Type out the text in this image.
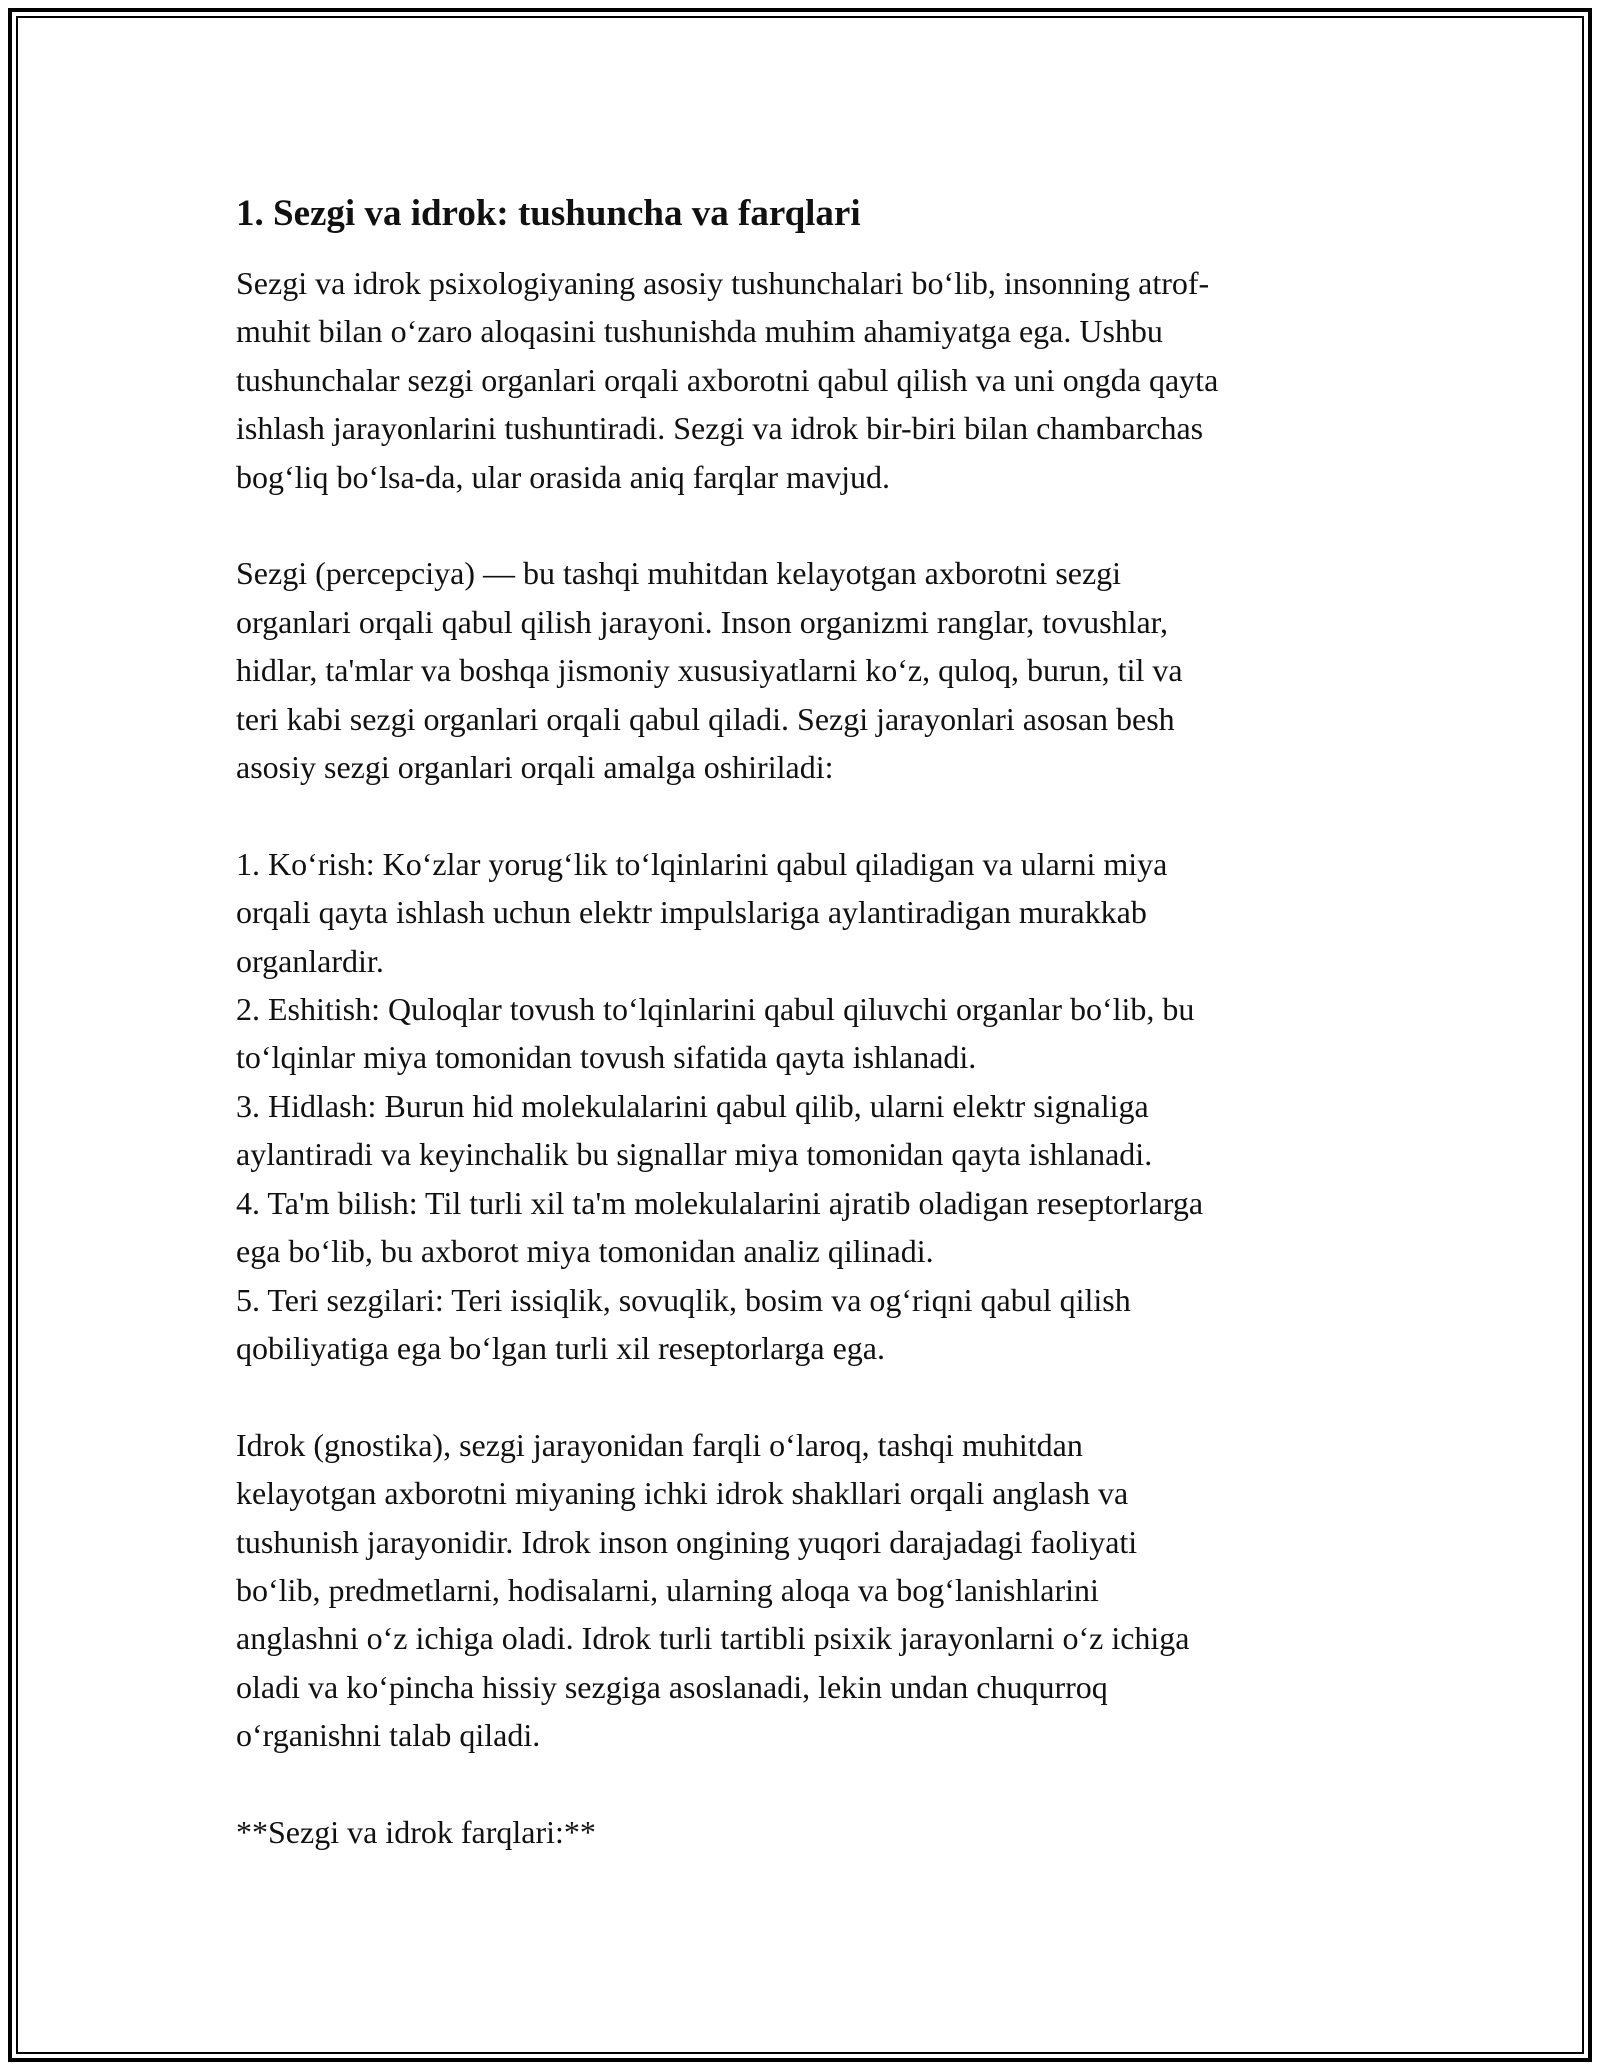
1. Sezgi va idrok: tushuncha va farqlari

Sezgi va idrok psixologiyaning asosiy tushunchalari bo‘lib, insonning atrof-
muhit bilan o‘zaro aloqasini tushunishda muhim ahamiyatga ega. Ushbu
tushunchalar sezgi organlari orqali axborotni qabul qilish va uni ongda qayta
ishlash jarayonlarini tushuntiradi. Sezgi va idrok bir-biri bilan chambarchas
bog‘liq bo‘lsa-da, ular orasida aniq farqlar mavjud.

Sezgi (percepciya) — bu tashqi muhitdan kelayotgan axborotni sezgi
organlari orqali qabul qilish jarayoni. Inson organizmi ranglar, tovushlar,
hidlar, ta'mlar va boshqa jismoniy xususiyatlarni ko‘z, quloq, burun, til va
teri kabi sezgi organlari orqali qabul qiladi. Sezgi jarayonlari asosan besh
asosiy sezgi organlari orqali amalga oshiriladi:

1. Ko‘rish: Ko‘zlar yorug‘lik to‘lqinlarini qabul qiladigan va ularni miya
orqali qayta ishlash uchun elektr impulslariga aylantiradigan murakkab
organlardir.
2. Eshitish: Quloqlar tovush to‘lqinlarini qabul qiluvchi organlar bo‘lib, bu
to‘lqinlar miya tomonidan tovush sifatida qayta ishlanadi.
3. Hidlash: Burun hid molekulalarini qabul qilib, ularni elektr signaliga
aylantiradi va keyinchalik bu signallar miya tomonidan qayta ishlanadi.
4. Ta'm bilish: Til turli xil ta'm molekulalarini ajratib oladigan reseptorlarga
ega bo‘lib, bu axborot miya tomonidan analiz qilinadi.
5. Teri sezgilari: Teri issiqlik, sovuqlik, bosim va og‘riqni qabul qilish
qobiliyatiga ega bo‘lgan turli xil reseptorlarga ega.

Idrok (gnostika), sezgi jarayonidan farqli o‘laroq, tashqi muhitdan
kelayotgan axborotni miyaning ichki idrok shakllari orqali anglash va
tushunish jarayonidir. Idrok inson ongining yuqori darajadagi faoliyati
bo‘lib, predmetlarni, hodisalarni, ularning aloqa va bog‘lanishlarini
anglashni o‘z ichiga oladi. Idrok turli tartibli psixik jarayonlarni o‘z ichiga
oladi va ko‘pincha hissiy sezgiga asoslanadi, lekin undan chuqurroq
o‘rganishni talab qiladi.

**Sezgi va idrok farqlari:**
